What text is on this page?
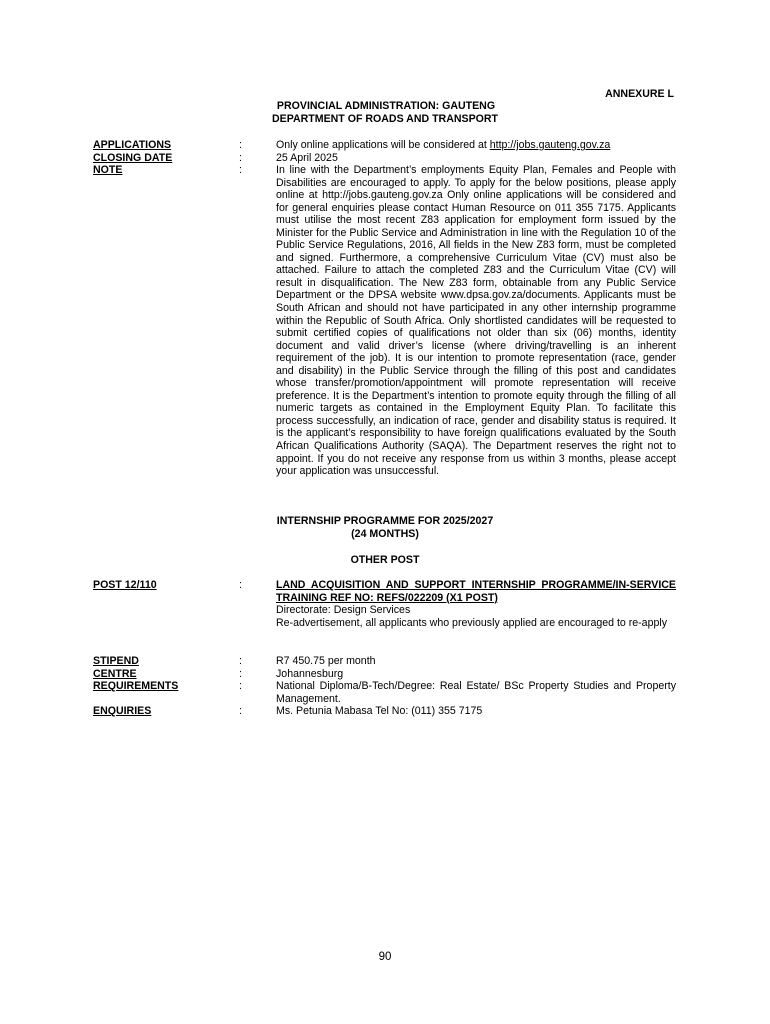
ANNEXURE L
PROVINCIAL ADMINISTRATION: GAUTENG
DEPARTMENT OF ROADS AND TRANSPORT
APPLICATIONS	:	Only online applications will be considered at http://jobs.gauteng.gov.za
CLOSING DATE	:	25 April 2025
NOTE	:	In line with the Department’s employments Equity Plan, Females and People with Disabilities are encouraged to apply. To apply for the below positions, please apply online at http://jobs.gauteng.gov.za Only online applications will be considered and for general enquiries please contact Human Resource on 011 355 7175. Applicants must utilise the most recent Z83 application for employment form issued by the Minister for the Public Service and Administration in line with the Regulation 10 of the Public Service Regulations, 2016, All fields in the New Z83 form, must be completed and signed. Furthermore, a comprehensive Curriculum Vitae (CV) must also be attached. Failure to attach the completed Z83 and the Curriculum Vitae (CV) will result in disqualification. The New Z83 form, obtainable from any Public Service Department or the DPSA website www.dpsa.gov.za/documents. Applicants must be South African and should not have participated in any other internship programme within the Republic of South Africa. Only shortlisted candidates will be requested to submit certified copies of qualifications not older than six (06) months, identity document and valid driver’s license (where driving/travelling is an inherent requirement of the job). It is our intention to promote representation (race, gender and disability) in the Public Service through the filling of this post and candidates whose transfer/promotion/appointment will promote representation will receive preference. It is the Department’s intention to promote equity through the filling of all numeric targets as contained in the Employment Equity Plan. To facilitate this process successfully, an indication of race, gender and disability status is required. It is the applicant’s responsibility to have foreign qualifications evaluated by the South African Qualifications Authority (SAQA). The Department reserves the right not to appoint. If you do not receive any response from us within 3 months, please accept your application was unsuccessful.
INTERNSHIP PROGRAMME FOR 2025/2027
(24 MONTHS)
OTHER POST
POST 12/110	:	LAND ACQUISITION AND SUPPORT INTERNSHIP PROGRAMME/IN-SERVICE TRAINING REF NO: REFS/022209 (X1 POST)
Directorate: Design Services
Re-advertisement, all applicants who previously applied are encouraged to re-apply
STIPEND	:	R7 450.75 per month
CENTRE	:	Johannesburg
REQUIREMENTS	:	National Diploma/B-Tech/Degree: Real Estate/ BSc Property Studies and Property Management.
ENQUIRIES	:	Ms. Petunia Mabasa Tel No: (011) 355 7175
90
